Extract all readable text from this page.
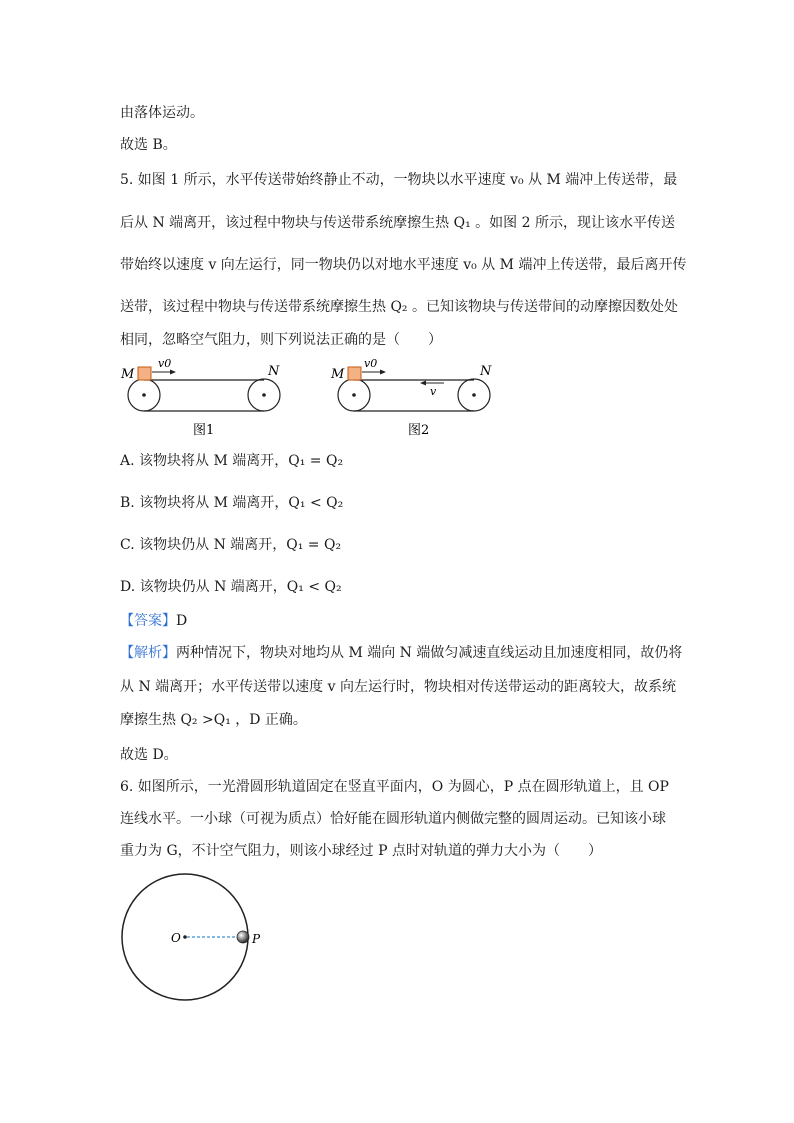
由落体运动。
故选 B。
5. 如图 1 所示，水平传送带始终静止不动，一物块以水平速度 v₀ 从 M 端冲上传送带，最
后从 N 端离开，该过程中物块与传送带系统摩擦生热 Q₁ 。如图 2 所示，现让该水平传送
带始终以速度 v 向左运行，同一物块仍以对地水平速度 v₀ 从 M 端冲上传送带，最后离开传
送带，该过程中物块与传送带系统摩擦生热 Q₂ 。已知该物块与传送带间的动摩擦因数处处
相同，忽略空气阻力，则下列说法正确的是（　　）
M	N
v0
图1
M	N
v0
v
图2
A. 该物块将从 M 端离开，Q₁ = Q₂
B. 该物块将从 M 端离开，Q₁ < Q₂
C. 该物块仍从 N 端离开，Q₁ = Q₂
D. 该物块仍从 N 端离开，Q₁ < Q₂
【答案】D
【解析】两种情况下，物块对地均从 M 端向 N 端做匀减速直线运动且加速度相同，故仍将
从 N 端离开；水平传送带以速度 v 向左运行时，物块相对传送带运动的距离较大，故系统
摩擦生热 Q₂ >Q₁ ，D 正确。
故选 D。
6. 如图所示，一光滑圆形轨道固定在竖直平面内，O 为圆心，P 点在圆形轨道上，且 OP
连线水平。一小球（可视为质点）恰好能在圆形轨道内侧做完整的圆周运动。已知该小球
重力为 G，不计空气阻力，则该小球经过 P 点时对轨道的弹力大小为（　　）
O	P
